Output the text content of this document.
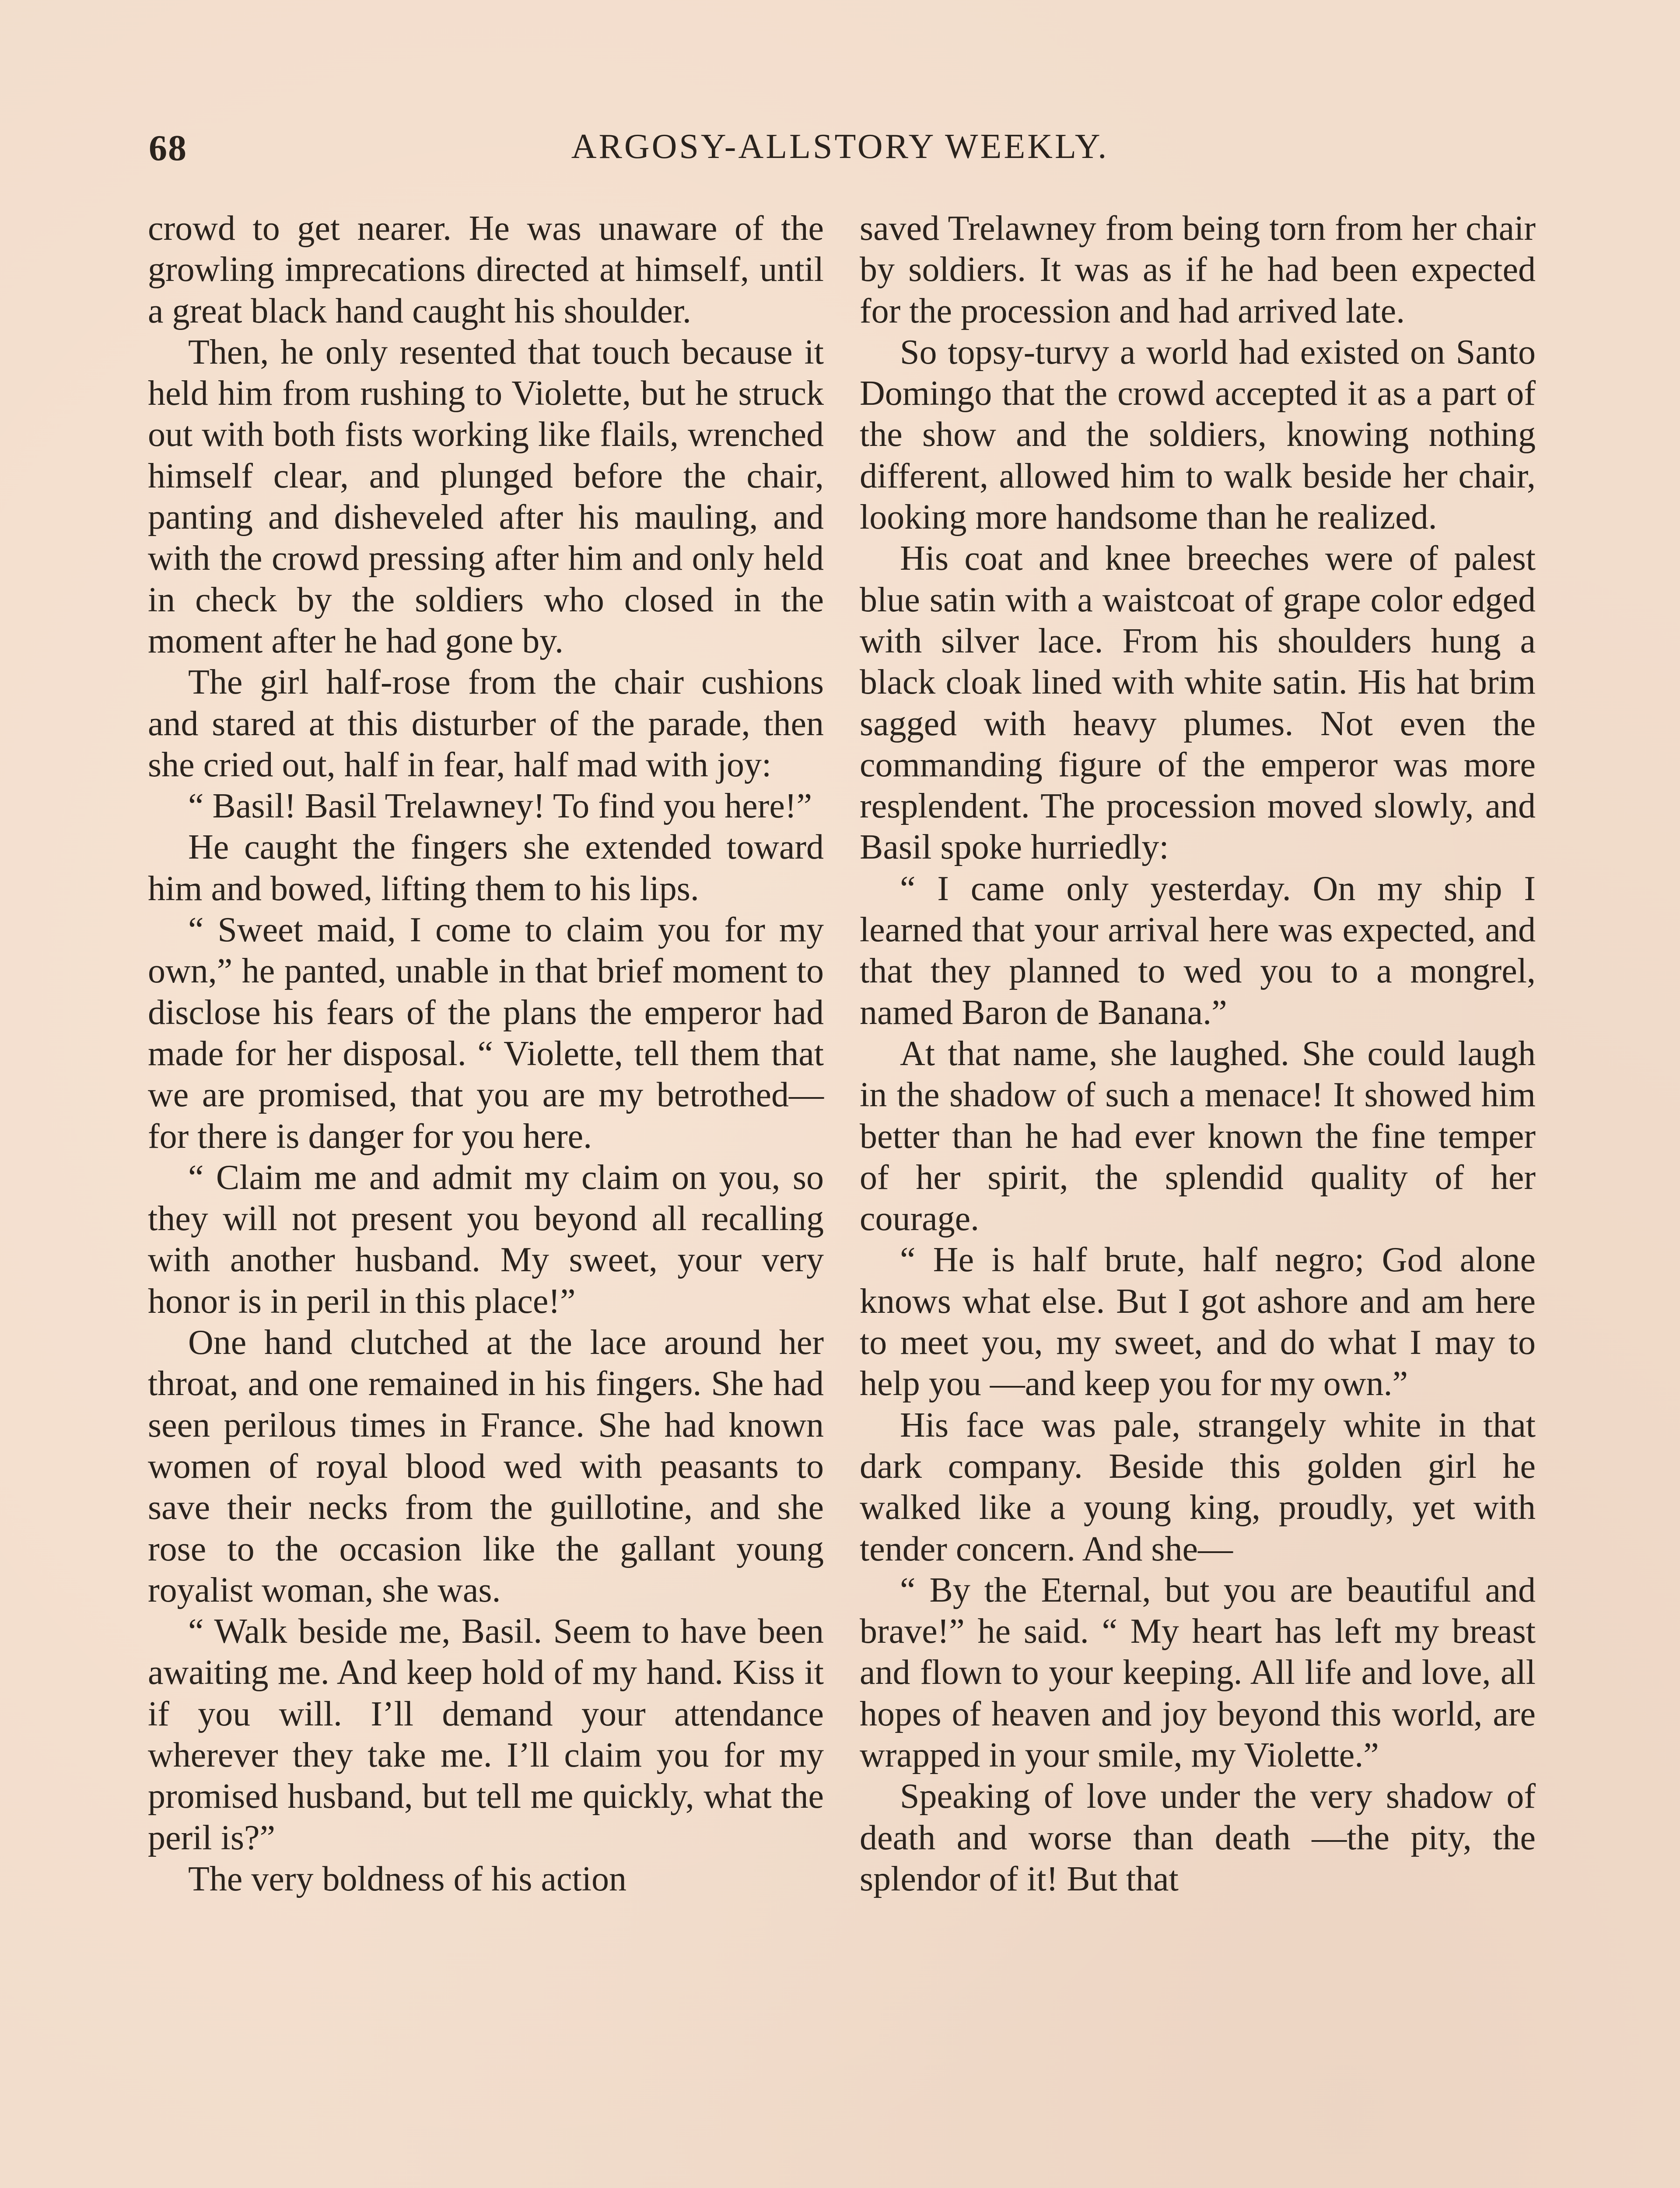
68	ARGOSY-ALLSTORY WEEKLY.

crowd to get nearer. He was unaware of the growling imprecations directed at himself, until a great black hand caught his shoulder.

Then, he only resented that touch because it held him from rushing to Violette, but he struck out with both fists working like flails, wrenched himself clear, and plunged before the chair, panting and disheveled after his mauling, and with the crowd pressing after him and only held in check by the soldiers who closed in the moment after he had gone by.

The girl half-rose from the chair cushions and stared at this disturber of the parade, then she cried out, half in fear, half mad with joy:

“ Basil! Basil Trelawney! To find you here!”

He caught the fingers she extended toward him and bowed, lifting them to his lips.

“ Sweet maid, I come to claim you for my own,” he panted, unable in that brief moment to disclose his fears of the plans the emperor had made for her disposal. “ Violette, tell them that we are promised, that you are my betrothed—for there is danger for you here.

“ Claim me and admit my claim on you, so they will not present you beyond all recalling with another husband. My sweet, your very honor is in peril in this place!”

One hand clutched at the lace around her throat, and one remained in his fingers. She had seen perilous times in France. She had known women of royal blood wed with peasants to save their necks from the guillotine, and she rose to the occasion like the gallant young royalist woman, she was.

“ Walk beside me, Basil. Seem to have been awaiting me. And keep hold of my hand. Kiss it if you will. I’ll demand your attendance wherever they take me. I’ll claim you for my promised husband, but tell me quickly, what the peril is?”

The very boldness of his action

saved Trelawney from being torn from her chair by soldiers. It was as if he had been expected for the procession and had arrived late.

So topsy-turvy a world had existed on Santo Domingo that the crowd accepted it as a part of the show and the soldiers, knowing nothing different, allowed him to walk beside her chair, looking more handsome than he realized.

His coat and knee breeches were of palest blue satin with a waistcoat of grape color edged with silver lace. From his shoulders hung a black cloak lined with white satin. His hat brim sagged with heavy plumes. Not even the commanding figure of the emperor was more resplendent. The procession moved slowly, and Basil spoke hurriedly:

“ I came only yesterday. On my ship I learned that your arrival here was expected, and that they planned to wed you to a mongrel, named Baron de Banana.”

At that name, she laughed. She could laugh in the shadow of such a menace! It showed him better than he had ever known the fine temper of her spirit, the splendid quality of her courage.

“ He is half brute, half negro; God alone knows what else. But I got ashore and am here to meet you, my sweet, and do what I may to help you —and keep you for my own.”

His face was pale, strangely white in that dark company. Beside this golden girl he walked like a young king, proudly, yet with tender concern. And she—

“ By the Eternal, but you are beautiful and brave!” he said. “ My heart has left my breast and flown to your keeping. All life and love, all hopes of heaven and joy beyond this world, are wrapped in your smile, my Violette.”

Speaking of love under the very shadow of death and worse than death —the pity, the splendor of it! But that
